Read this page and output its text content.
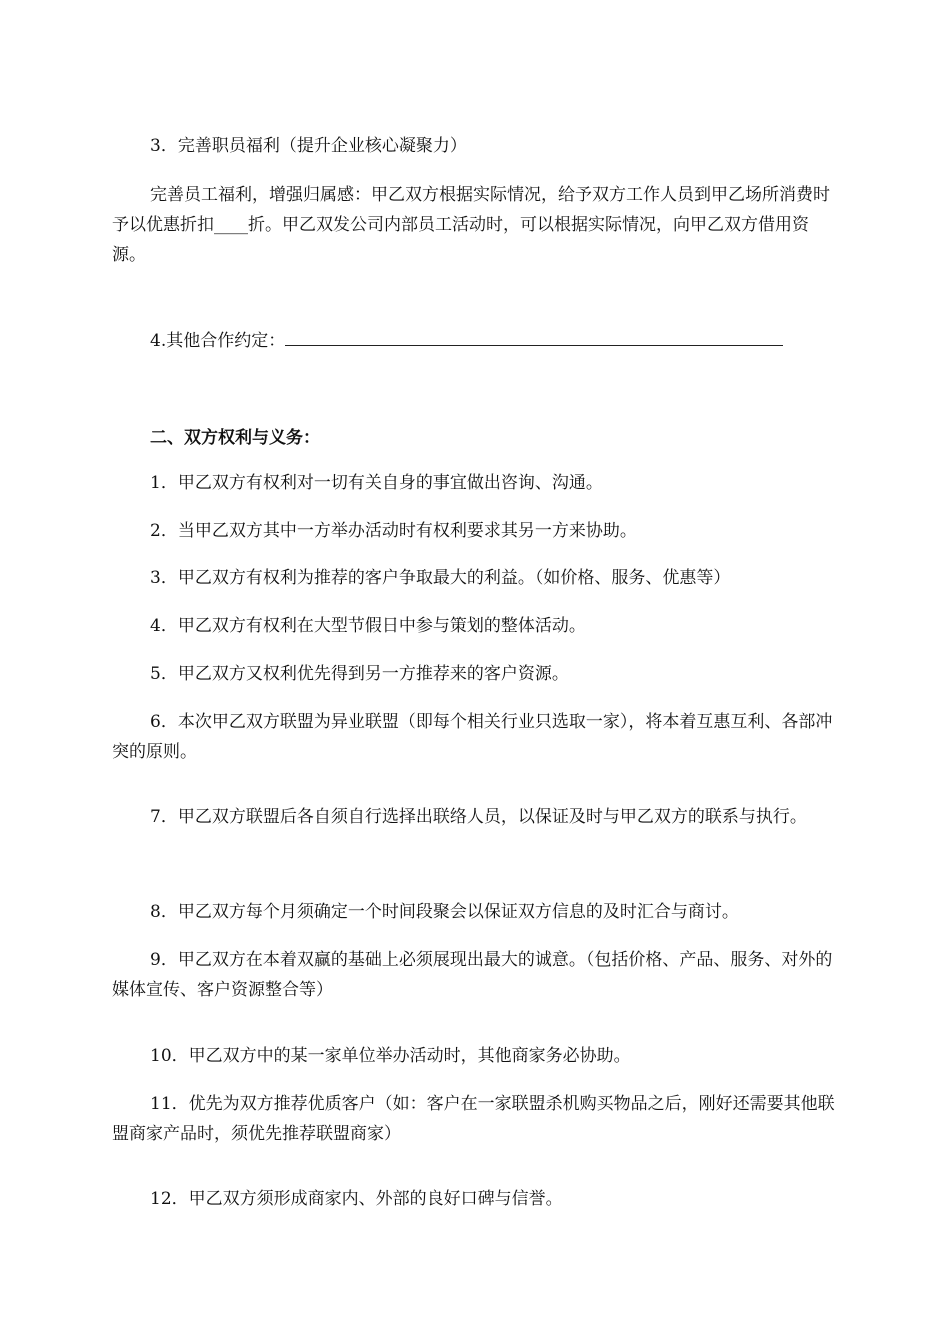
3．完善职员福利（提升企业核心凝聚力）

完善员工福利，增强归属感：甲乙双方根据实际情况，给予双方工作人员到甲乙场所消费时予以优惠折扣____折。甲乙双发公司内部员工活动时，可以根据实际情况，向甲乙双方借用资源。

4.其他合作约定：

二、双方权利与义务：

1．甲乙双方有权利对一切有关自身的事宜做出咨询、沟通。

2．当甲乙双方其中一方举办活动时有权利要求其另一方来协助。

3．甲乙双方有权利为推荐的客户争取最大的利益。（如价格、服务、优惠等）

4．甲乙双方有权利在大型节假日中参与策划的整体活动。

5．甲乙双方又权利优先得到另一方推荐来的客户资源。

6．本次甲乙双方联盟为异业联盟（即每个相关行业只选取一家），将本着互惠互利、各部冲突的原则。

7．甲乙双方联盟后各自须自行选择出联络人员，以保证及时与甲乙双方的联系与执行。

8．甲乙双方每个月须确定一个时间段聚会以保证双方信息的及时汇合与商讨。

9．甲乙双方在本着双赢的基础上必须展现出最大的诚意。（包括价格、产品、服务、对外的媒体宣传、客户资源整合等）

10．甲乙双方中的某一家单位举办活动时，其他商家务必协助。

11．优先为双方推荐优质客户（如：客户在一家联盟杀机购买物品之后，刚好还需要其他联盟商家产品时，须优先推荐联盟商家）

12．甲乙双方须形成商家内、外部的良好口碑与信誉。
